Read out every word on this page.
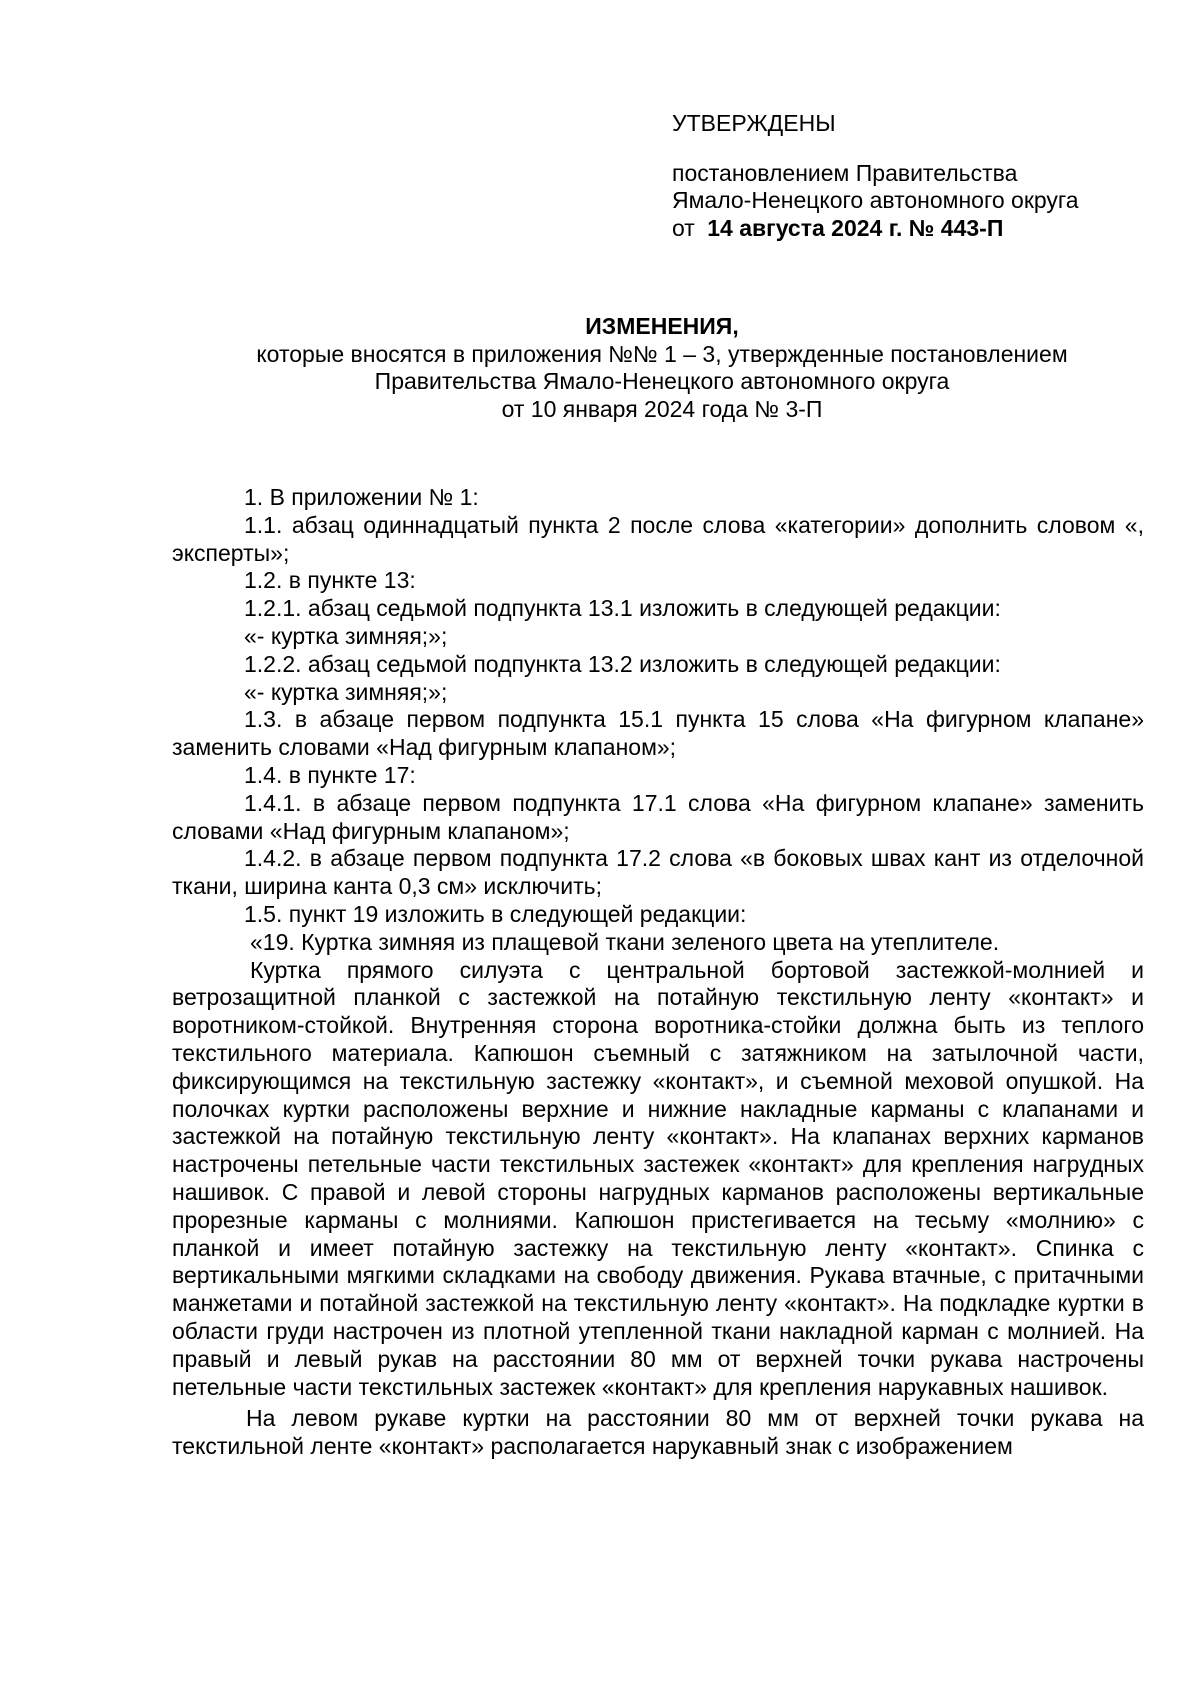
УТВЕРЖДЕНЫ
постановлением Правительства
Ямало-Ненецкого автономного округа
от 14 августа 2024 г. № 443-П
ИЗМЕНЕНИЯ,
которые вносятся в приложения №№ 1 – 3, утвержденные постановлением
Правительства Ямало-Ненецкого автономного округа
от 10 января 2024 года № 3-П

1. В приложении № 1:

1.1. абзац одиннадцатый пункта 2 после слова «категории» дополнить словом «, эксперты»;

1.2. в пункте 13:

1.2.1. абзац седьмой подпункта 13.1 изложить в следующей редакции:

«- куртка зимняя;»;

1.2.2. абзац седьмой подпункта 13.2 изложить в следующей редакции:

«- куртка зимняя;»;

1.3. в абзаце первом подпункта 15.1 пункта 15 слова «На фигурном клапане» заменить словами «Над фигурным клапаном»;

1.4. в пункте 17:

1.4.1. в абзаце первом подпункта 17.1 слова «На фигурном клапане» заменить словами «Над фигурным клапаном»;

1.4.2. в абзаце первом подпункта 17.2 слова «в боковых швах кант из отделочной ткани, ширина канта 0,3 см» исключить;

1.5. пункт 19 изложить в следующей редакции:

«19. Куртка зимняя из плащевой ткани зеленого цвета на утеплителе.

Куртка прямого силуэта с центральной бортовой застежкой-молнией и ветрозащитной планкой с застежкой на потайную текстильную ленту «контакт» и воротником-стойкой. Внутренняя сторона воротника-стойки должна быть из теплого текстильного материала. Капюшон съемный с затяжником на затылочной части, фиксирующимся на текстильную застежку «контакт», и съемной меховой опушкой. На полочках куртки расположены верхние и нижние накладные карманы с клапанами и застежкой на потайную текстильную ленту «контакт». На клапанах верхних карманов настрочены петельные части текстильных застежек «контакт» для крепления нагрудных нашивок. С правой и левой стороны нагрудных карманов расположены вертикальные прорезные карманы с молниями. Капюшон пристегивается на тесьму «молнию» с планкой и имеет потайную застежку на текстильную ленту «контакт». Спинка с вертикальными мягкими складками на свободу движения. Рукава втачные, с притачными манжетами и потайной застежкой на текстильную ленту «контакт». На подкладке куртки в области груди настрочен из плотной утепленной ткани накладной карман с молнией. На правый и левый рукав на расстоянии 80 мм от верхней точки рукава настрочены петельные части текстильных застежек «контакт» для крепления нарукавных нашивок.

На левом рукаве куртки на расстоянии 80 мм от верхней точки рукава на текстильной ленте «контакт» располагается нарукавный знак с изображением
